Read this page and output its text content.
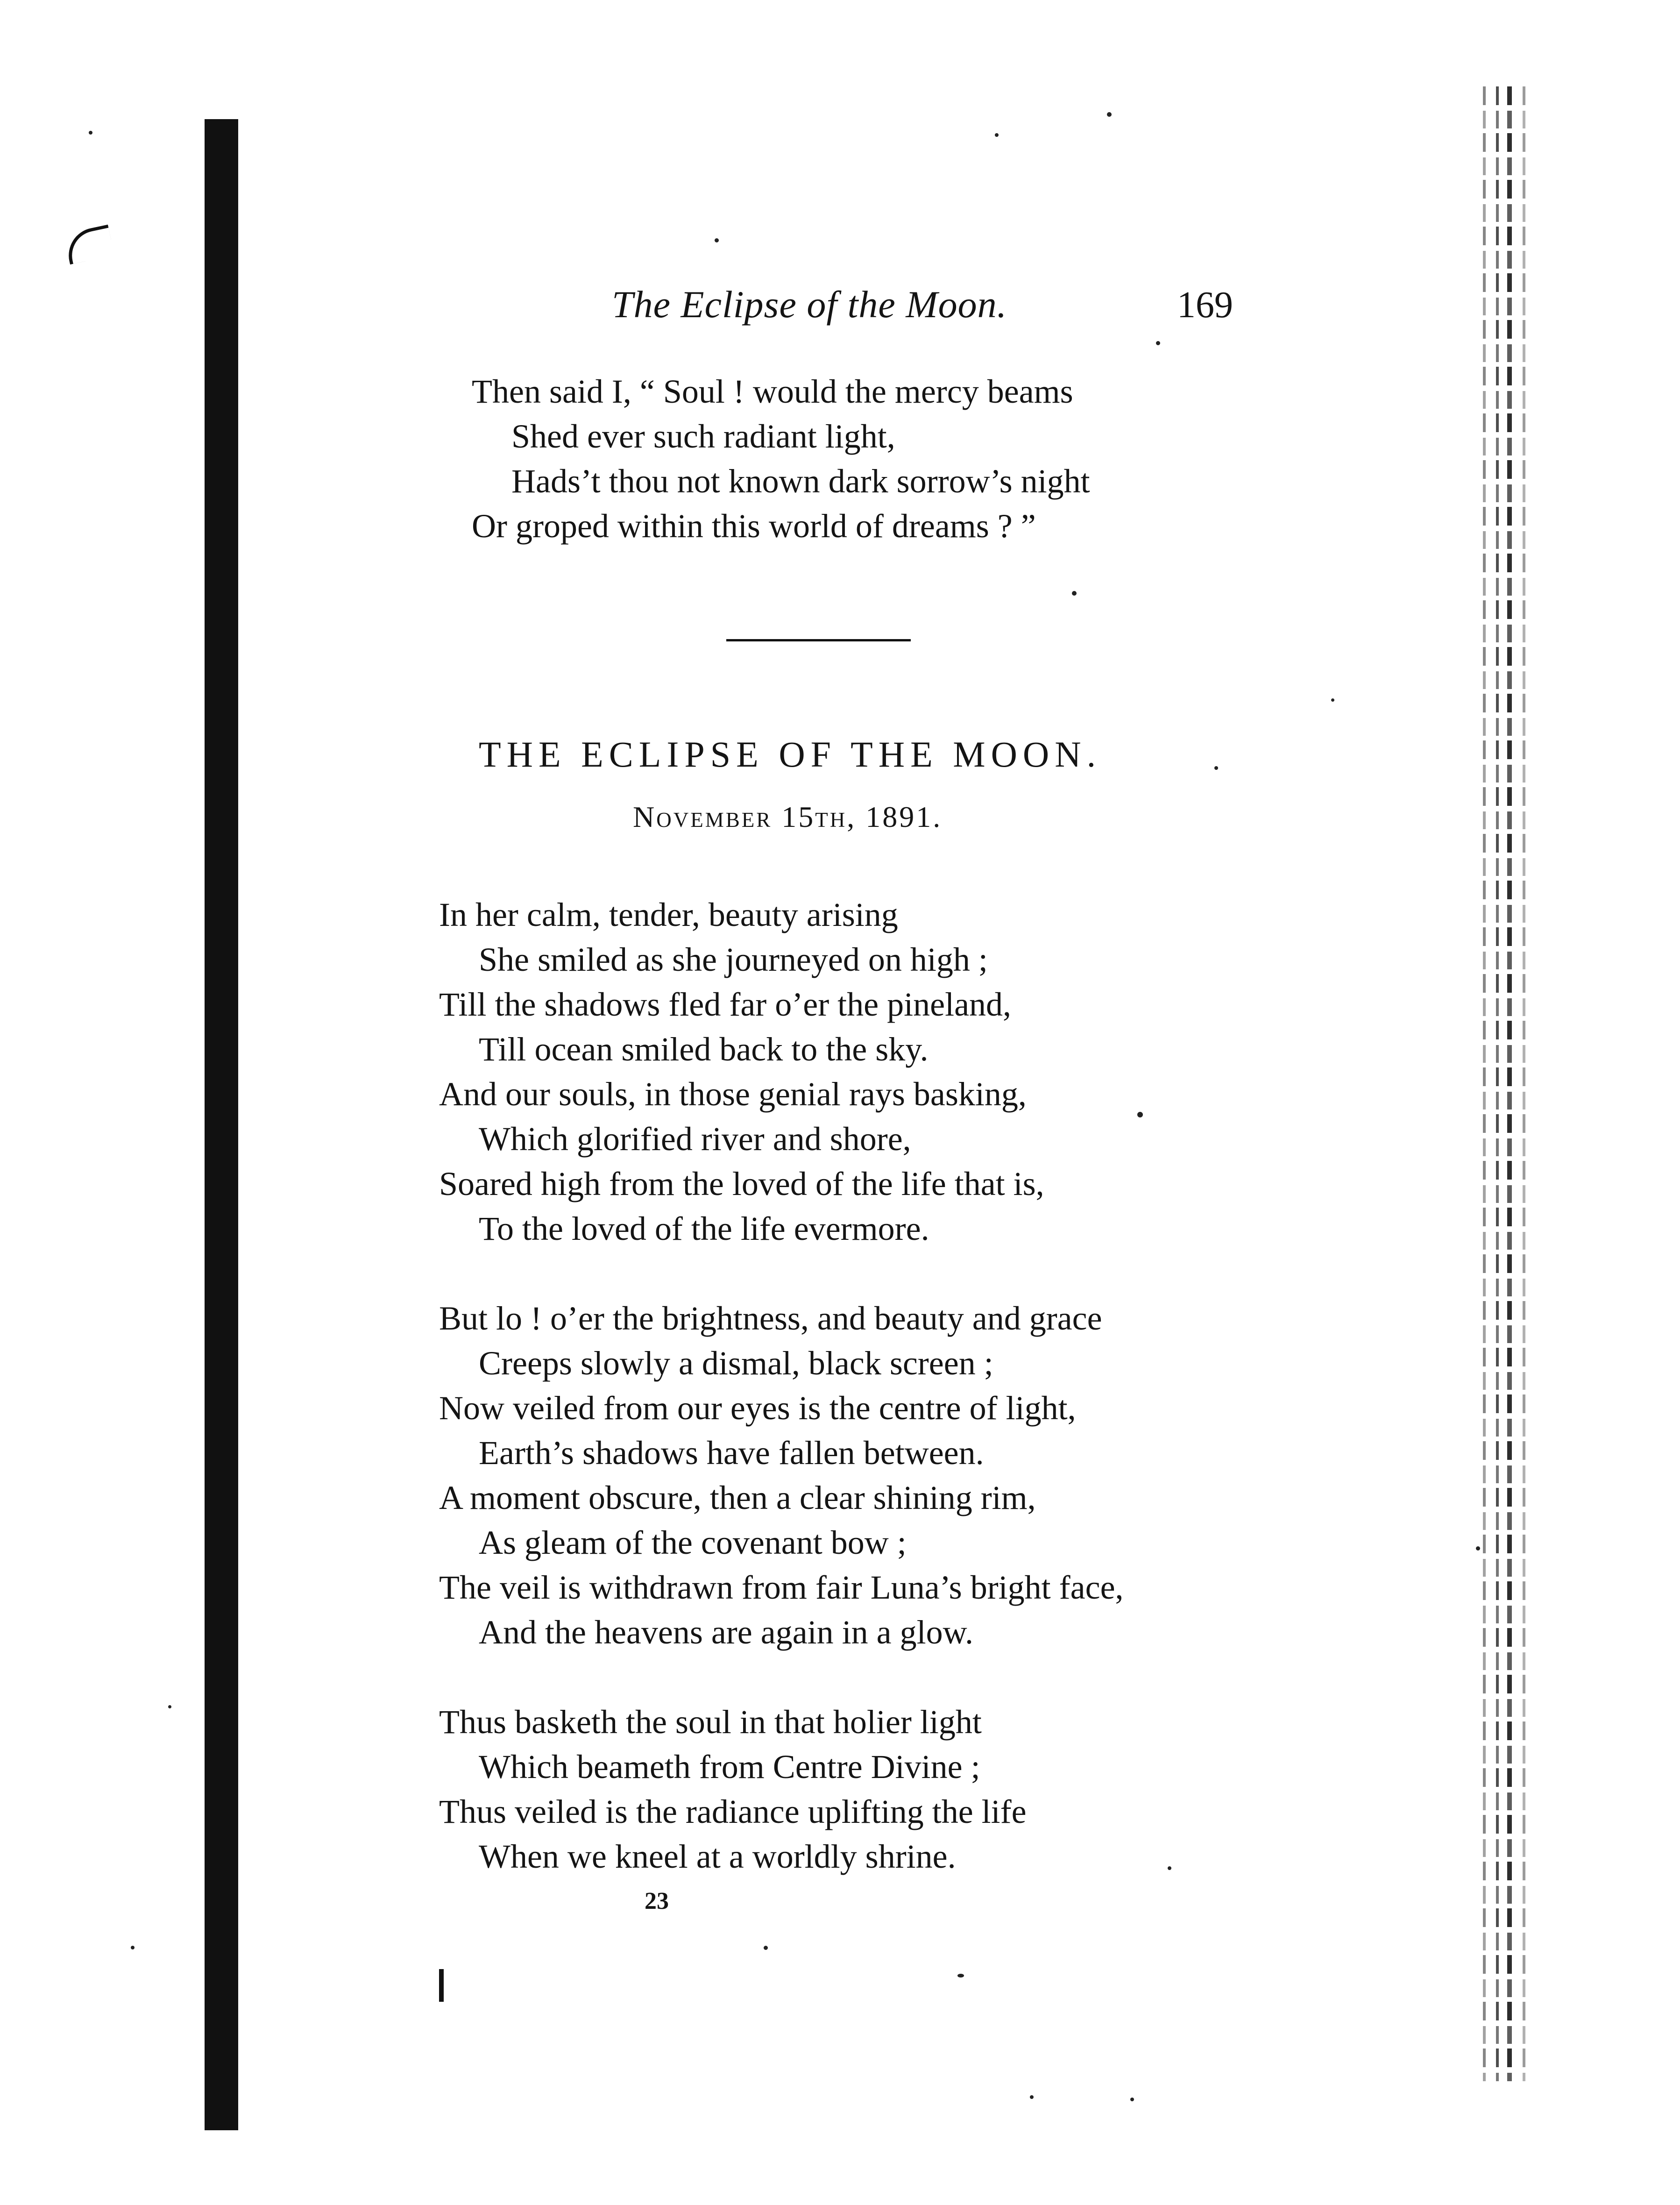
The Eclipse of the Moon.	169
Then said I, “ Soul ! would the mercy beams
Shed ever such radiant light,
Hads’t thou not known dark sorrow’s night
Or groped within this world of dreams ? ”
THE ECLIPSE OF THE MOON.
November 15th, 1891.
In her calm, tender, beauty arising
She smiled as she journeyed on high ;
Till the shadows fled far o’er the pineland,
Till ocean smiled back to the sky.
And our souls, in those genial rays basking,
Which glorified river and shore,
Soared high from the loved of the life that is,
To the loved of the life evermore.
But lo ! o’er the brightness, and beauty and grace
Creeps slowly a dismal, black screen ;
Now veiled from our eyes is the centre of light,
Earth’s shadows have fallen between.
A moment obscure, then a clear shining rim,
As gleam of the covenant bow ;
The veil is withdrawn from fair Luna’s bright face,
And the heavens are again in a glow.
Thus basketh the soul in that holier light
Which beameth from Centre Divine ;
Thus veiled is the radiance uplifting the life
When we kneel at a worldly shrine.
23
